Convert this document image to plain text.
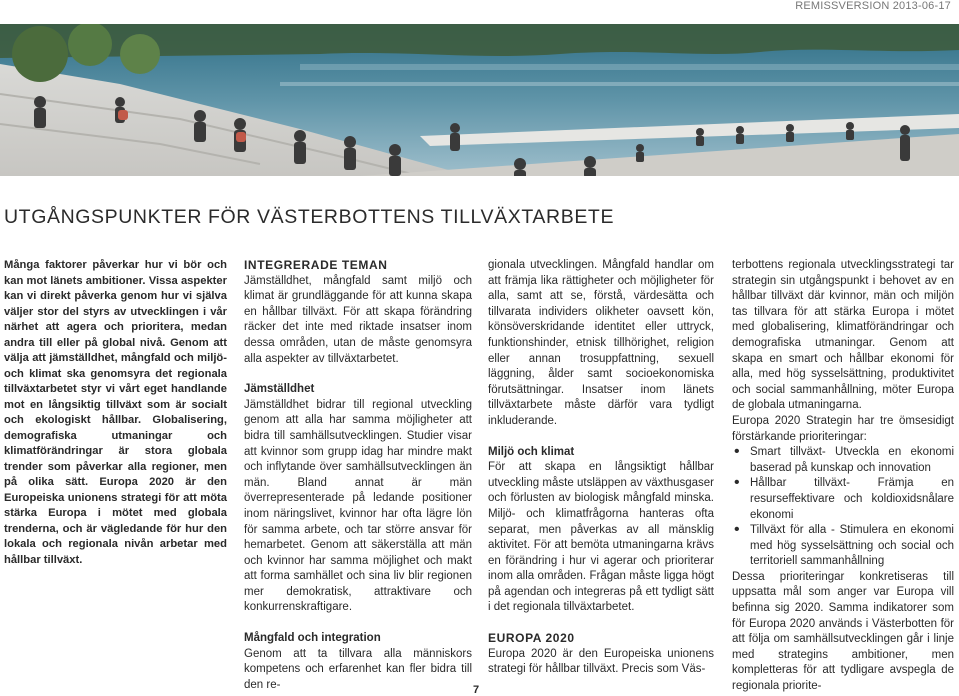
REMISSVERSION 2013-06-17
UTGÅNGSPUNKTER FÖR VÄSTERBOTTENS TILLVÄXTARBETE

Många faktorer påverkar hur vi bör och kan mot länets ambitioner. Vissa aspekter kan vi direkt påverka genom hur vi själva väljer stor del styrs av utvecklingen i vår närhet att agera och prioritera, medan andra till eller på global nivå. Genom att välja att jämställdhet, mångfald och miljö- och klimat ska genomsyra det regionala tillväxtarbetet styr vi vårt eget handlande mot en långsiktig tillväxt som är socialt och ekologiskt hållbar. Globalisering, demografiska utmaningar och klimatförändringar är stora globala trender som påverkar alla regioner, men på olika sätt. Europa 2020 är den Europeiska unionens strategi för att möta stärka Europa i mötet med globala trenderna, och är vägledande för hur den lokala och regionala nivån arbetar med hållbar tillväxt.

INTEGRERADE TEMAN

Jämställdhet, mångfald samt miljö och klimat är grundläggande för att kunna skapa en hållbar tillväxt. För att skapa förändring räcker det inte med riktade insatser inom dessa områden, utan de måste genomsyra alla aspekter av tillväxtarbetet.

Jämställdhet

Jämställdhet bidrar till regional utveckling genom att alla har samma möjligheter att bidra till samhällsutvecklingen. Studier visar att kvinnor som grupp idag har mindre makt och inflytande över samhällsutvecklingen än män. Bland annat är män överrepresenterade på ledande positioner inom näringslivet, kvinnor har ofta lägre lön för samma arbete, och tar större ansvar för hemarbetet. Genom att säkerställa att män och kvinnor har samma möjlighet och makt att forma samhället och sina liv blir regionen mer demokratisk, attraktivare och konkurrenskraftigare.

Mångfald och integration

Genom att ta tillvara alla människors kompetens och erfarenhet kan fler bidra till den re-

gionala utvecklingen. Mångfald handlar om att främja lika rättigheter och möjligheter för alla, samt att se, förstå, värdesätta och tillvarata individers olikheter oavsett kön, könsöverskridande identitet eller uttryck, funktionshinder, etnisk tillhörighet, religion eller annan trosuppfattning, sexuell läggning, ålder samt socioekonomiska förutsättningar. Insatser inom länets tillväxtarbete måste därför vara tydligt inkluderande.

Miljö och klimat

För att skapa en långsiktigt hållbar utveckling måste utsläppen av växthusgaser och förlusten av biologisk mångfald minska. Miljö- och klimatfrågorna hanteras ofta separat, men påverkas av all mänsklig aktivitet. För att bemöta utmaningarna krävs en förändring i hur vi agerar och prioriterar inom alla områden. Frågan måste ligga högt på agendan och integreras på ett tydligt sätt i det regionala tillväxtarbetet.

EUROPA 2020

Europa 2020 är den Europeiska unionens strategi för hållbar tillväxt. Precis som Väs-

terbottens regionala utvecklingsstrategi tar strategin sin utgångspunkt i behovet av en hållbar tillväxt där kvinnor, män och miljön tas tillvara för att stärka Europa i mötet med globalisering, klimatförändringar och demografiska utmaningar. Genom att skapa en smart och hållbar ekonomi för alla, med hög sysselsättning, produktivitet och social sammanhållning, möter Europa de globala utmaningarna.

Europa 2020 Strategin har tre ömsesidigt förstärkande prioriteringar:

• Smart tillväxt- Utveckla en ekonomi baserad på kunskap och innovation
• Hållbar tillväxt- Främja en resurseffektivare och koldioxidsnålare ekonomi
• Tillväxt för alla - Stimulera en ekonomi med hög sysselsättning och social och territoriell sammanhållning

Dessa prioriteringar konkretiseras till uppsatta mål som anger var Europa vill befinna sig 2020. Samma indikatorer som för Europa 2020 används i Västerbotten för att följa om samhällsutvecklingen går i linje med strategins ambitioner, men kompletteras för att tydligare avspegla de regionala priorite-

7
